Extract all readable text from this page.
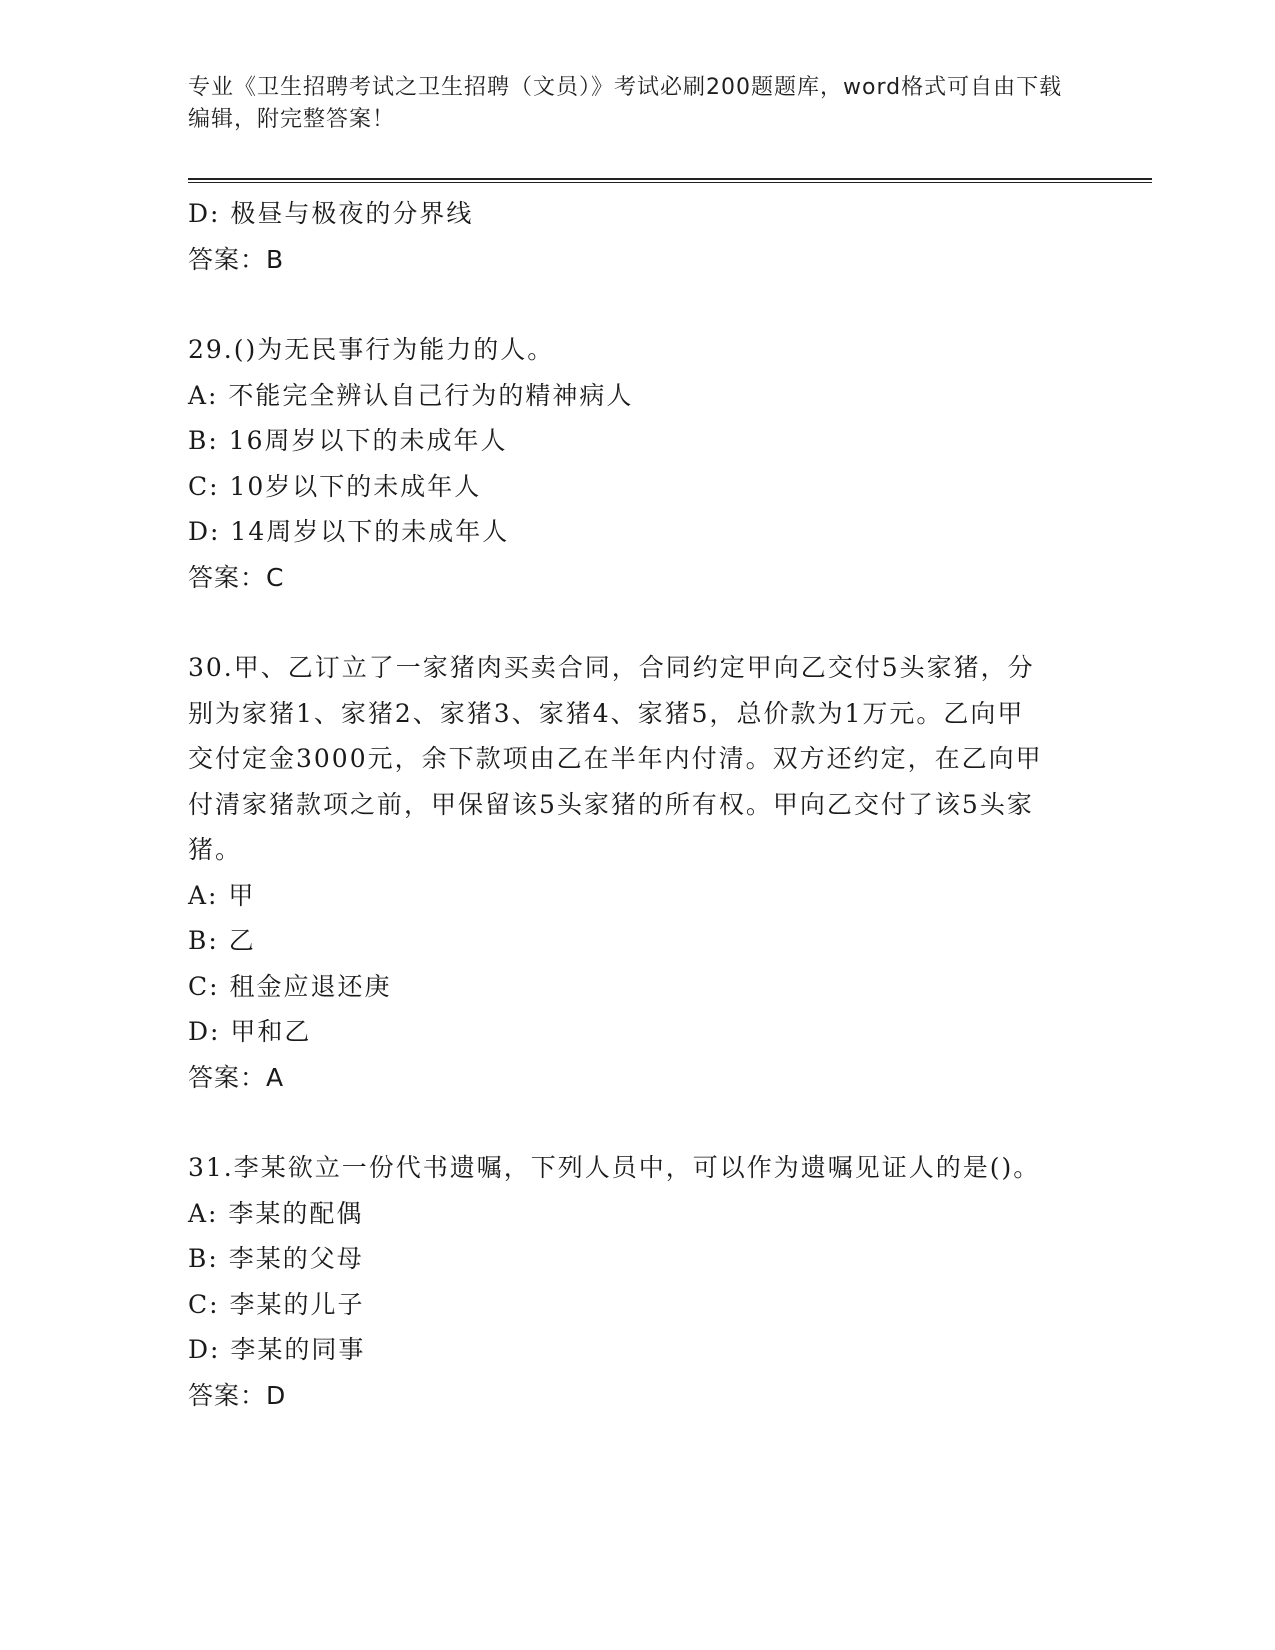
专业《卫生招聘考试之卫生招聘（文员）》考试必刷200题题库，word格式可自由下载编辑，附完整答案！
D: 极昼与极夜的分界线
答案：B
29.()为无民事行为能力的人。
A: 不能完全辨认自己行为的精神病人
B: 16周岁以下的未成年人
C: 10岁以下的未成年人
D: 14周岁以下的未成年人
答案：C
30.甲、乙订立了一家猪肉买卖合同，合同约定甲向乙交付5头家猪，分别为家猪1、家猪2、家猪3、家猪4、家猪5，总价款为1万元。乙向甲交付定金3000元，余下款项由乙在半年内付清。双方还约定，在乙向甲付清家猪款项之前，甲保留该5头家猪的所有权。甲向乙交付了该5头家猪。
A: 甲
B: 乙
C: 租金应退还庚
D: 甲和乙
答案：A
31.李某欲立一份代书遗嘱，下列人员中，可以作为遗嘱见证人的是()。
A: 李某的配偶
B: 李某的父母
C: 李某的儿子
D: 李某的同事
答案：D
